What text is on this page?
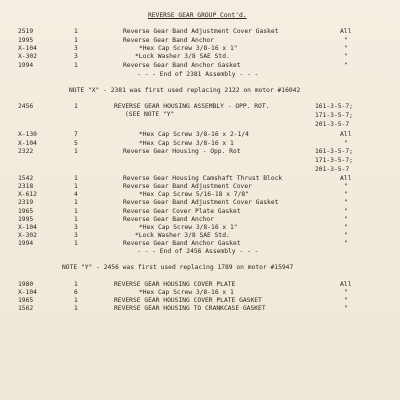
REVERSE GEAR GROUP Cont'd.
2519	1	Reverse Gear Band Adjustment Cover Gasket	All
1995	1	Reverse Gear Band Anchor	"
X-104	3	*Hex Cap Screw 3/8-16 x 1"	"
X-302	3	*Lock Washer 3/8 SAE Std.	"
1994	1	Reverse Gear Band Anchor Gasket	"
- - - End of 2381 Assembly - - -
NOTE "X" - 2381 was first used replacing 2122 on motor #16042
2456	1	REVERSE GEAR HOUSING ASSEMBLY - OPP. ROT.	161-3-5-7;
(SEE NOTE "Y"	171-3-5-7;
201-3-5-7
X-130	7	*Hex Cap Screw 3/8-16 x 2-1/4	All
X-104	5	*Hex Cap Screw 3/8-16 x 1	"
2322	1	Reverse Gear Housing - Opp. Rot	161-3-5-7;
171-3-5-7;
201-3-5-7
1542	1	Reverse Gear Housing Camshaft Thrust Block	All
2318	1	Reverse Gear Band Adjustment Cover	"
X-612	4	*Hex Cap Screw 5/16-18 x 7/8"	"
2319	1	Reverse Gear Band Adjustment Cover Gasket	"
1965	1	Reverse Gear Cover Plate Gasket	"
1995	1	Reverse Gear Band Anchor	"
X-104	3	*Hex Cap Screw 3/8-16 x 1"	"
X-302	3	*Lock Washer 3/8 SAE Std.	"
1994	1	Reverse Gear Band Anchor Gasket	"
- - - End of 2456 Assembly - - -
NOTE "Y" - 2456 was first used replacing 1789 on motor #15947
1980	1	REVERSE GEAR HOUSING COVER PLATE	All
X-104	6	*Hex Cap Screw 3/8-16 x 1	"
1965	1	REVERSE GEAR HOUSING COVER PLATE GASKET	"
1562	1	REVERSE GEAR HOUSING TO CRANKCASE GASKET	"
